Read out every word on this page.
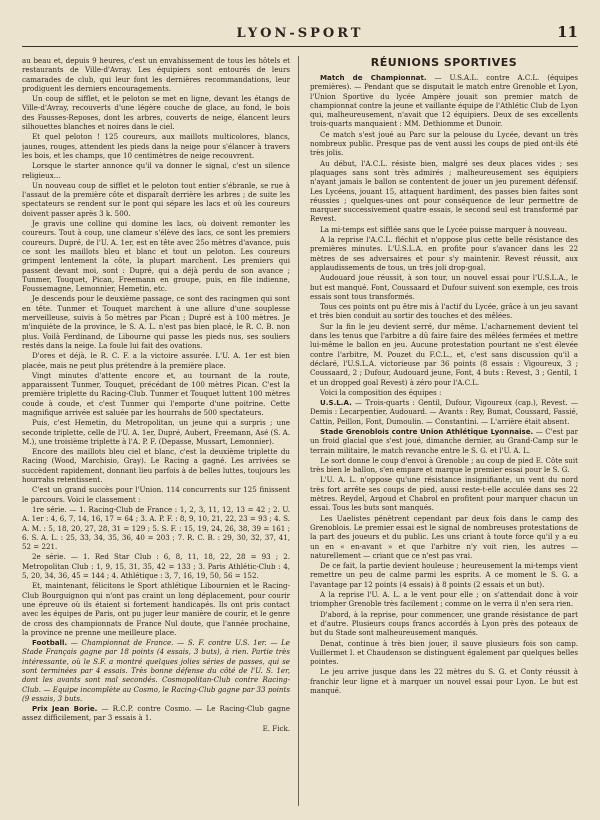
LYON-SPORT	11

au beau et, depuis 9 heures, c'est un envahissement de tous les hôtels et restaurants de Ville-d'Avray. Les équipiers sont entourés de leurs camarades de club, qui leur font les dernières recommandations, leur prodiguent les derniers encouragements.

Un coup de sifflet, et le peloton se met en ligne, devant les étangs de Ville-d'Avray, recouverts d'une légère couche de glace, au fond, le bois des Fausses-Reposes, dont les arbres, couverts de neige, élancent leurs silhouettes blanches et noires dans le ciel.

Et quel peloton ! 125 coureurs, aux maillots multicolores, blancs, jaunes, rouges, attendent les pieds dans la neige pour s'élancer à travers les bois, et les champs, que 10 centimètres de neige recouvrent.

Lorsque le starter annonce qu'il va donner le signal, c'est un silence religieux...

Un nouveau coup de sifflet et le peloton tout entier s'ébranle, se rue à l'assaut de la première côte et disparaît derrière les arbres ; de suite les spectateurs se rendent sur le pont qui sépare les lacs et où les coureurs doivent passer après 3 k. 500.

Je gravis une colline qui domine les lacs, où doivent remonter les coureurs. Tout à coup, une clameur s'élève des lacs, ce sont les premiers coureurs. Dupré, de l'U. A. 1er, est en tête avec 25o mètres d'avance, puis ce sont les maillots bleu et blanc et tout un peloton. Les coureurs grimpent lentement la côte, la plupart marchent. Les premiers qui passent devant moi, sont : Dupré, qui a déjà perdu de son avance ; Tunmer, Touquet, Pican, Freemann en groupe, puis, en file indienne, Foussemagne, Lemonnier, Hemetin, etc.

Je descends pour le deuxième passage, ce sont des racingmen qui sont en tête. Tunmer et Touquet marchent à une allure d'une souplesse merveilleuse, suivis à 5o mètres par Pican ; Dupré est à 100 mètres. Je m'inquiète de la province, le S. A. L. n'est pas bien placé, le R. C. B. non plus. Voilà Ferdinand, de Libourne qui passe les pieds nus, ses souliers restés dans la neige. La foule lui fait des ovations.

D'ores et déjà, le R. C. F. a la victoire assurée. L'U. A. 1er est bien placée, mais ne peut plus prétendre à la première place.

Vingt minutes d'attente encore et, au tournant de la route, apparaissent Tunmer, Touquet, précédant de 100 mètres Pican. C'est la première triplette du Racing-Club. Tunmer et Touquet luttent 100 mètres coude à coude, et c'est Tunmer qui l'emporte d'une poitrine. Cette magnifique arrivée est saluée par les hourrahs de 500 spectateurs.

Puis, c'est Hemetin, du Metropolitan, un jeune qui a surpris ; une seconde triplette, celle de l'U. A. 1er, Dupré, Aubert, Freemann, Asé (S. A. M.), une troisième triplette à l'A. P. F. (Depasse, Mussart, Lemonnier).

Encore des maillots bleu ciel et blanc, c'est la deuxième triplette du Racing (Wood, Marchisio, Gray). Le Racing a gagné. Les arrivées se succèdent rapidement, donnant lieu parfois à de belles luttes, toujours les hourrahs retentissent.

C'est un grand succès pour l'Union. 114 concurrents sur 125 finissent le parcours. Voici le classement :

1re série. — 1. Racing-Club de France : 1, 2, 3, 11, 12, 13 = 42 ; 2. U. A. 1er : 4, 6, 7, 14, 16, 17 = 64 ; 3. A. P. F. : 8, 9, 10, 21, 22, 23 = 93 ; 4. S. A. M. : 5, 18, 20, 27, 28, 31 = 129 ; 5. S. F. : 15, 19, 24, 26, 38, 39 = 161 ; 6. S. A. L. : 25, 33, 34, 35, 36, 40 = 203 ; 7. R. C. B. : 29, 30, 32, 37, 41, 52 = 221.

2e série. — 1. Red Star Club : 6, 8, 11, 18, 22, 28 = 93 ; 2. Metropolitan Club : 1, 9, 15, 31, 35, 42 = 133 ; 3. Paris Athlétic-Club : 4, 5, 20, 34, 36, 45 = 144 ; 4. Athlétique : 3, 7, 16, 19, 50, 56 = 152.

Et, maintenant, félicitons le Sport athlétique Libournien et le Racing-Club Bourguignon qui n'ont pas craint un long déplacement, pour courir une épreuve où ils étaient si fortement handicapés. Ils ont pris contact avec les équipes de Paris, ont pu juger leur manière de courir, et le genre de cross des championnats de France Nul doute, que l'année prochaine, la province ne prenne une meilleure place.

Football. — Championnat de France. — S. F. contre U.S. 1er. — Le Stade Français gagne par 18 points (4 essais, 3 buts), à rien. Partie très intéressante, où le S.F. a montré quelques jolies séries de passes, qui se sont terminées par 4 essais. Très bonne défense du côté de l'U. S. 1er, dont les avants sont mal secondés. Cosmopolitan-Club contre Racing-Club. — Equipe incomplète au Cosmo, le Racing-Club gagne par 33 points (9 essais, 3 buts.

Prix Jean Borie. — R.C.P. contre Cosmo. — Le Racing-Club gagne assez difficilement, par 3 essais à 1.

E. Fick.
RÉUNIONS SPORTIVES

Match de Championnat. — U.S.A.L. contre A.C.L. (équipes premières). — Pendant que se disputait le match entre Grenoble et Lyon, l'Union Sportive du lycée Ampère jouait son premier match de championnat contre la jeune et vaillante équipe de l'Athlétic Club de Lyon qui, malheureusement, n'avait que 12 équipiers. Deux de ses excellents trois-quarts manquaient : MM. Dethiomme et Dunoir.

Ce match s'est joué au Parc sur la pelouse du Lycée, devant un très nombreux public. Presque pas de vent aussi les coups de pied ont-ils été très jolis.

Au début, l'A.C.L. résiste bien, malgré ses deux places vides ; ses plaquages sans sont très admirés ; malheureusement ses équipiers n'ayant jamais le ballon se contentent de jouer un jeu purement défensif. Les Lycéens, jouant 15, attaquent hardiment, des passes bien faites sont réussies ; quelques-unes ont pour conséquence de leur permettre de marquer successivement quatre essais, le second seul est transformé par Revest.

La mi-temps est sifflée sans que le Lycée puisse marquer à nouveau.

A la reprise l'A.C.L. fléchit et n'oppose plus cette belle résistance des premières minutes. L'U.S.L.A. en profite pour s'avancer dans les 22 mètres de ses adversaires et pour s'y maintenir. Revest réussit, aux applaudissements de tous, un très joli drop-goal.

Audouard joue réussit, à son tour, un nouvel essai pour l'U.S.L.A., le but est manqué. Font, Coussaard et Dufour suivent son exemple, ces trois essais sont tous transformés.

Tous ces points ont pu être mis à l'actif du Lycée, grâce à un jeu savant et très bien conduit au sortir des touches et des mêlées.

Sur la fin le jeu devient serré, dur même. L'acharnement devient tel dans les tenus que l'arbitre a dû faire faire des mêlées fermées et mettre lui-même le ballon en jeu. Aucune protestation pourtant ne s'est élevée contre l'arbitre, M. Pouzet du F.C.L., et, c'est sans discussion qu'il a déclaré, l'U.S.L.A. victorieuse par 36 points (8 essais : Vigoureux, 3 ; Coussaard, 2 ; Dufour, Audouard jeune, Font, 4 buts : Revest, 3 ; Gentil, 1 et un dropped goal Revest) à zéro pour l'A.C.L.

Voici la composition des équipes :

U.S.L.A. — Trois-quarts : Gentil, Dufour, Vigoureux (cap.), Revest. — Demis : Lecarpentier, Audouard. — Avants : Rey, Bumat, Coussard, Fassié, Cattin, Peillon, Font, Dumoulin. — Constantini. — L'arrière était absent.

Stade Grenoblois contre Union Athlétique Lyonnaise. — C'est par un froid glacial que s'est joué, dimanche dernier, au Grand-Camp sur le terrain militaire, le match revanche entre le S. G. et l'U. A. L.

Le sort donne le coup d'envoi à Grenoble ; au coup de pied E. Côte suit très bien le ballon, s'en empare et marque le premier essai pour le S. G.

L'U. A. L. n'oppose qu'une résistance insignifiante, un vent du nord très fort arrête ses coups de pied, aussi reste-t-elle acculée dans ses 22 mètres. Reydel, Argoud et Chabrol en profitent pour marquer chacun un essai. Tous les buts sont manqués.

Les Uaelistes pénètrent cependant par deux fois dans le camp des Grenoblois. Le premier essai est le signal de nombreuses protestations de la part des joueurs et du public. Les uns criant à toute force qu'il y a eu un en « en-avant » et que l'arbitre n'y voit rien, les autres — naturellement — criant que ce n'est pas vrai.

De ce fait, la partie devient houleuse ; heureusement la mi-temps vient remettre un peu de calme parmi les esprits. A ce moment le S. G. a l'avantage par 12 points (4 essais) à 8 points (2 essais et un but).

A la reprise l'U. A. L. a le vent pour elle ; on s'attendait donc à voir triompher Grenoble très facilement ; comme on le verra il n'en sera rien.

D'abord, à la reprise, pour commencer, une grande résistance de part et d'autre. Plusieurs coups francs accordés à Lyon près des poteaux de but du Stade sont malheureusement manqués.

Denat, continue à très bien jouer, il sauve plusieurs fois son camp. Vuillermet I. et Chaudenson se distinguent également par quelques belles pointes.

Le jeu arrive jusque dans les 22 mètres du S. G. et Conty réussit à franchir leur ligne et à marquer un nouvel essai pour Lyon. Le but est manqué.
